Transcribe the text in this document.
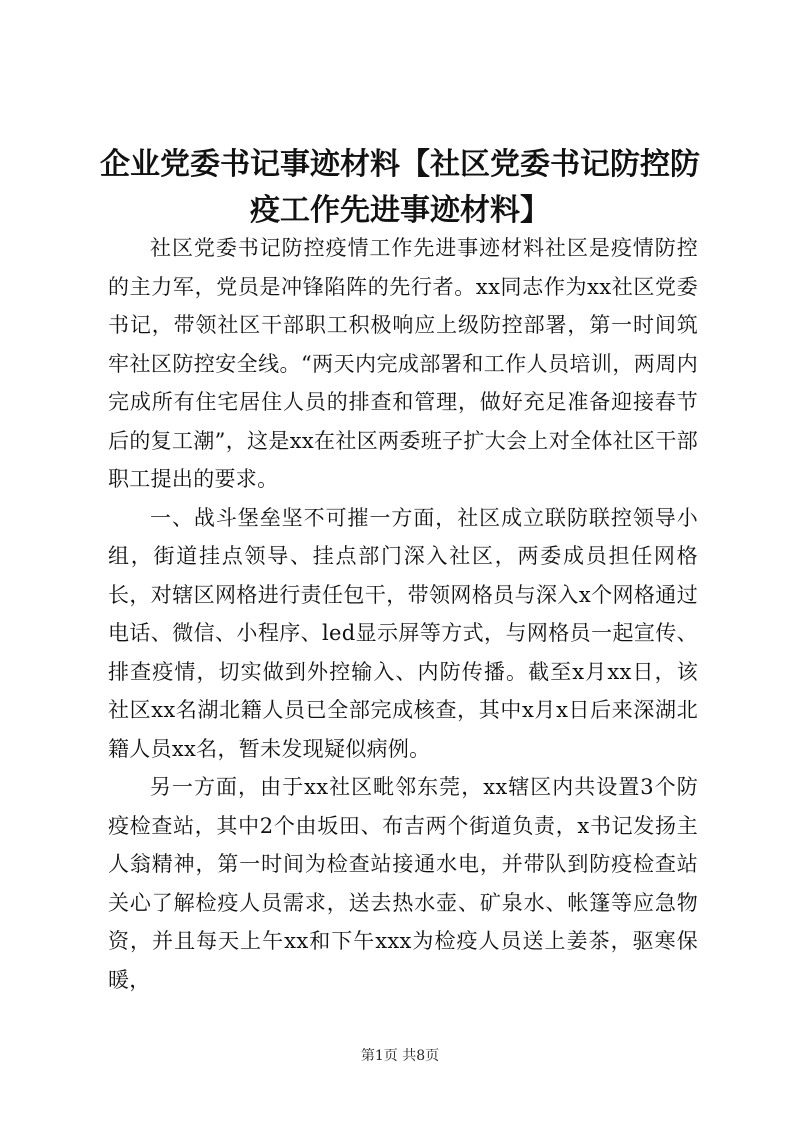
企业党委书记事迹材料【社区党委书记防控防疫工作先进事迹材料】

社区党委书记防控疫情工作先进事迹材料社区是疫情防控的主力军，党员是冲锋陷阵的先行者。xx同志作为xx社区党委书记，带领社区干部职工积极响应上级防控部署，第一时间筑牢社区防控安全线。“两天内完成部署和工作人员培训，两周内完成所有住宅居住人员的排查和管理，做好充足准备迎接春节后的复工潮”，这是xx在社区两委班子扩大会上对全体社区干部职工提出的要求。

一、战斗堡垒坚不可摧一方面，社区成立联防联控领导小组，街道挂点领导、挂点部门深入社区，两委成员担任网格长，对辖区网格进行责任包干，带领网格员与深入x个网格通过电话、微信、小程序、led显示屏等方式，与网格员一起宣传、排查疫情，切实做到外控输入、内防传播。截至x月xx日，该社区xx名湖北籍人员已全部完成核查，其中x月x日后来深湖北籍人员xx名，暂未发现疑似病例。

另一方面，由于xx社区毗邻东莞，xx辖区内共设置3个防疫检查站，其中2个由坂田、布吉两个街道负责，x书记发扬主人翁精神，第一时间为检查站接通水电，并带队到防疫检查站关心了解检疫人员需求，送去热水壶、矿泉水、帐篷等应急物资，并且每天上午xx和下午xxx为检疫人员送上姜茶，驱寒保暖，

第1页 共8页
